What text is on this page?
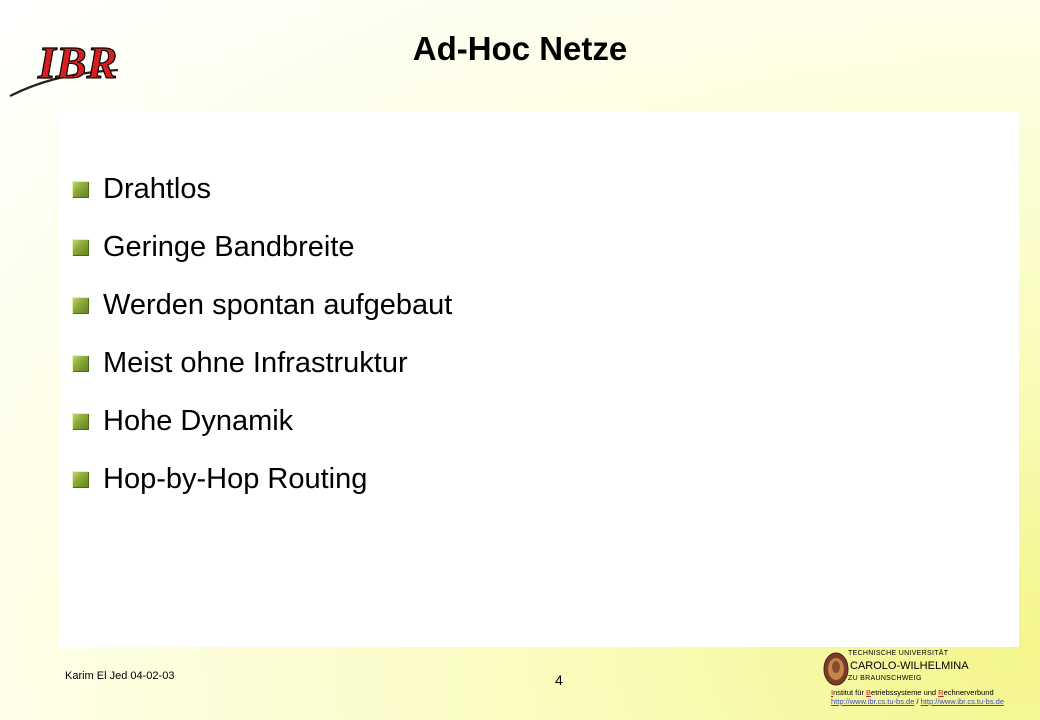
IBR	Ad-Hoc Netze
Drahtlos
Geringe Bandbreite
Werden spontan aufgebaut
Meist ohne Infrastruktur
Hohe Dynamik
Hop-by-Hop Routing
Karim El Jed 04-02-03	4
TECHNISCHE UNIVERSITÄT
CAROLO-WILHELMINA
ZU BRAUNSCHWEIG
Institut für Betriebssysteme und Rechnerverbund
http://www.ibr.cs.tu-bs.de / http://www.ibr.cs.tu-bs.de
